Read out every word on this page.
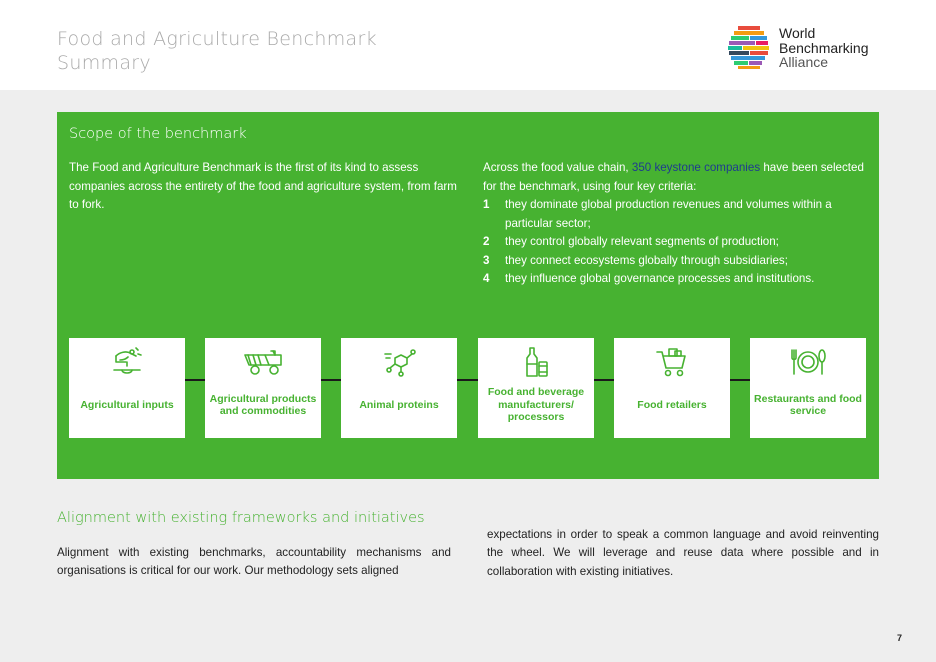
Food and Agriculture Benchmark
Summary
World
Benchmarking
Alliance
Scope of the benchmark

The Food and Agriculture Benchmark is the first of its kind to assess companies across the entirety of the food and agriculture system, from farm to fork.

Across the food value chain, 350 keystone companies have been selected for the benchmark, using four key criteria:

1 they dominate global production revenues and volumes within a particular sector;
2 they control globally relevant segments of production;
3 they connect ecosystems globally through subsidiaries;
4 they influence global governance processes and institutions.
Agricultural inputs
Agricultural products and commodities
Animal proteins
Food and beverage manufacturers/ processors
Food retailers
Restaurants and food service
Alignment with existing frameworks and initiatives

Alignment with existing benchmarks, accountability mechanisms and organisations is critical for our work. Our methodology sets aligned

expectations in order to speak a common language and avoid reinventing the wheel. We will leverage and reuse data where possible and in collaboration with existing initiatives.

7
